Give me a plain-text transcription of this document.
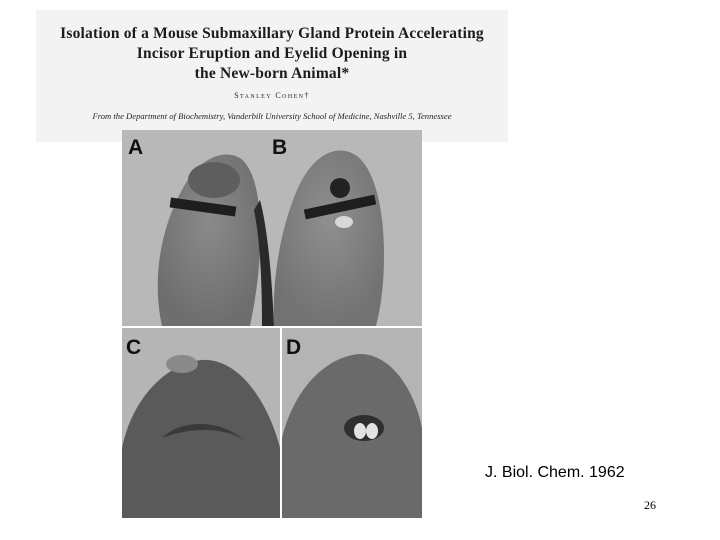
Isolation of a Mouse Submaxillary Gland Protein Accelerating
Incisor Eruption and Eyelid Opening in
the New-born Animal*
Stanley Cohen†
From the Department of Biochemistry, Vanderbilt University School of Medicine, Nashville 5, Tennessee
A	B
C	D
J. Biol. Chem. 1962
26
